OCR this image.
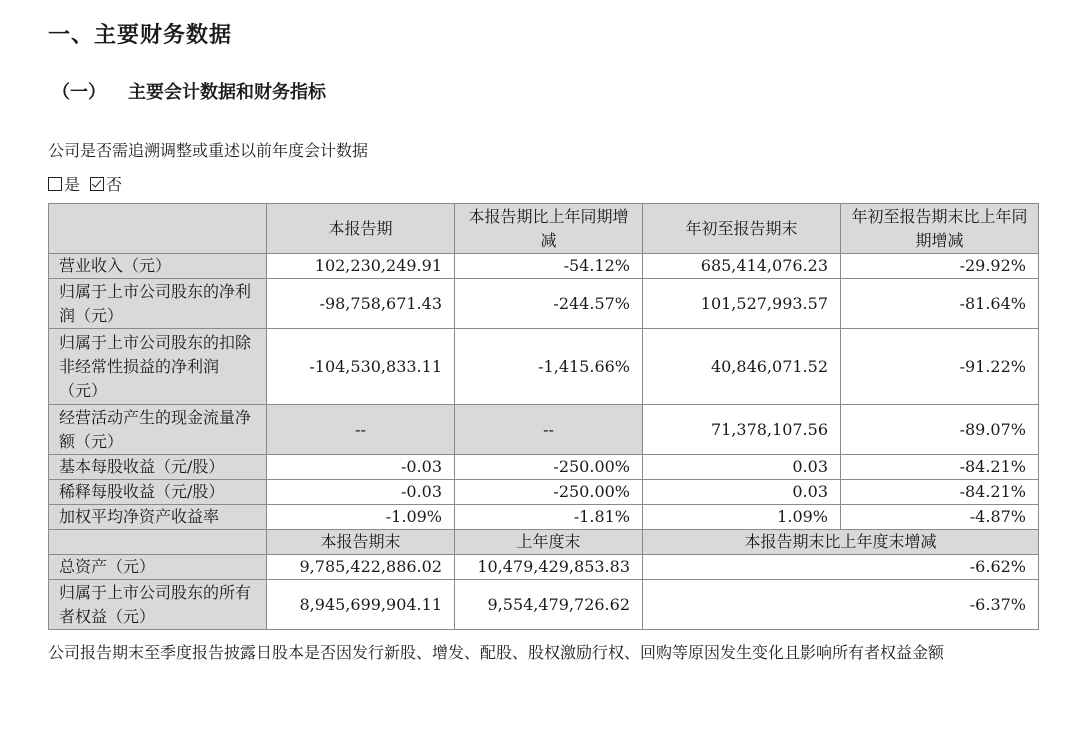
一、主要财务数据
（一） 主要会计数据和财务指标
公司是否需追溯调整或重述以前年度会计数据
是 否
	本报告期	本报告期比上年同期增减	年初至报告期末	年初至报告期末比上年同期增减
营业收入（元）	102,230,249.91	-54.12%	685,414,076.23	-29.92%
归属于上市公司股东的净利润（元）	-98,758,671.43	-244.57%	101,527,993.57	-81.64%
归属于上市公司股东的扣除非经常性损益的净利润（元）	-104,530,833.11	-1,415.66%	40,846,071.52	-91.22%
经营活动产生的现金流量净额（元）	--	--	71,378,107.56	-89.07%
基本每股收益（元/股）	-0.03	-250.00%	0.03	-84.21%
稀释每股收益（元/股）	-0.03	-250.00%	0.03	-84.21%
加权平均净资产收益率	-1.09%	-1.81%	1.09%	-4.87%
	本报告期末	上年度末	本报告期末比上年度末增减	
总资产（元）	9,785,422,886.02	10,479,429,853.83	-6.62%	
归属于上市公司股东的所有者权益（元）	8,945,699,904.11	9,554,479,726.62	-6.37%	
公司报告期末至季度报告披露日股本是否因发行新股、增发、配股、股权激励行权、回购等原因发生变化且影响所有者权益金额
